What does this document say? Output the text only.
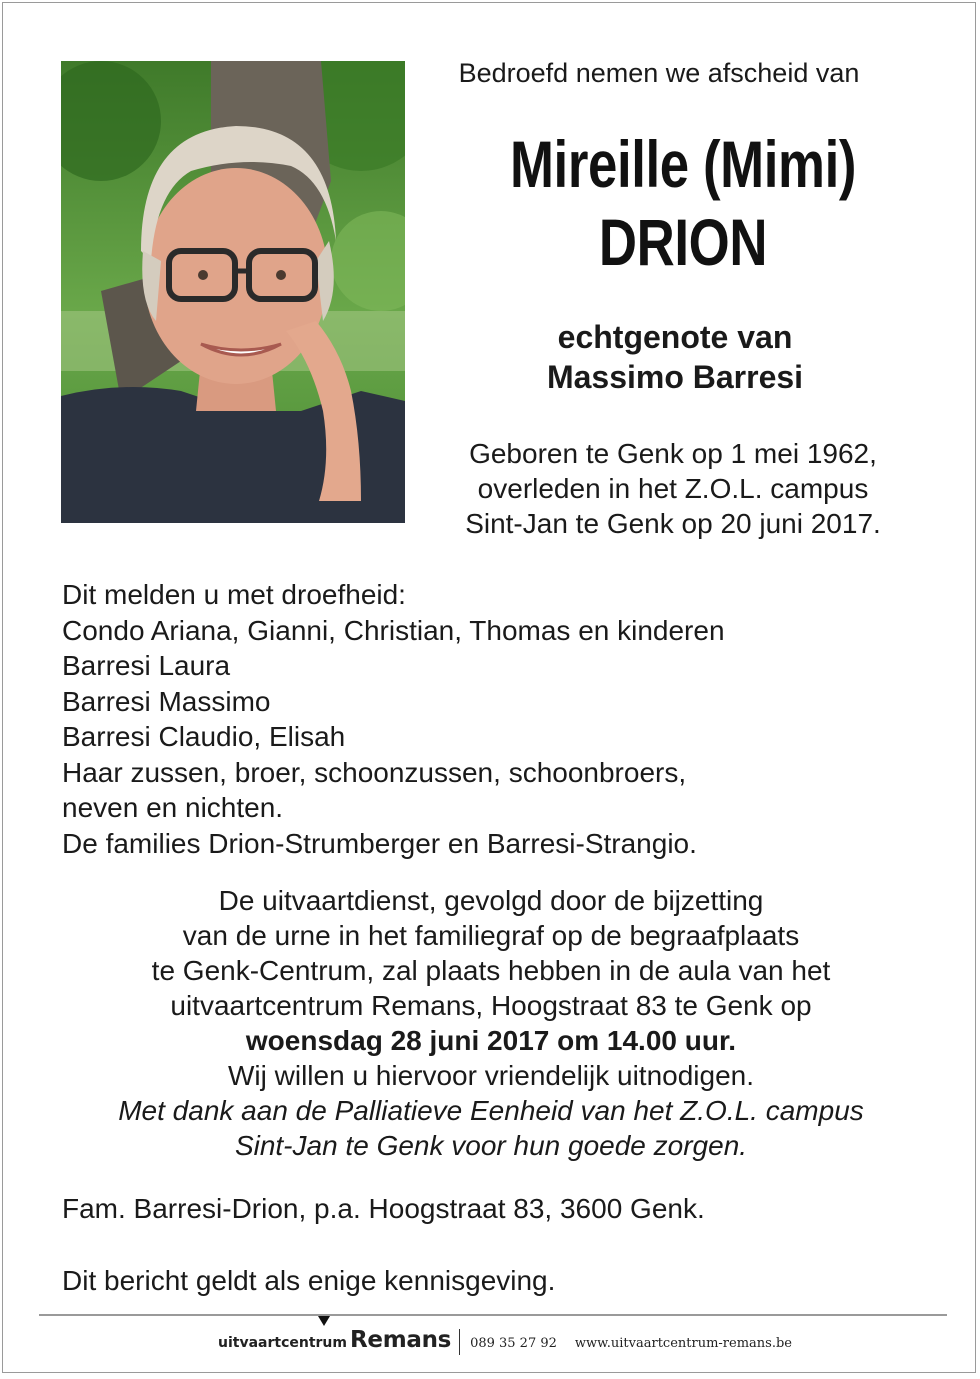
Bedroefd nemen we afscheid van
Mireille (Mimi)
DRION
echtgenote van
Massimo Barresi
Geboren te Genk op 1 mei 1962,
overleden in het Z.O.L. campus
Sint-Jan te Genk op 20 juni 2017.
Dit melden u met droefheid:
Condo Ariana, Gianni, Christian, Thomas en kinderen
Barresi Laura
Barresi Massimo
Barresi Claudio, Elisah
Haar zussen, broer, schoonzussen, schoonbroers,
neven en nichten.
De families Drion-Strumberger en Barresi-Strangio.
De uitvaartdienst, gevolgd door de bijzetting
van de urne in het familiegraf op de begraafplaats
te Genk-Centrum, zal plaats hebben in de aula van het
uitvaartcentrum Remans, Hoogstraat 83 te Genk op
woensdag 28 juni 2017 om 14.00 uur.
Wij willen u hiervoor vriendelijk uitnodigen.
Met dank aan de Palliatieve Eenheid van het Z.O.L. campus
Sint-Jan te Genk voor hun goede zorgen.
Fam. Barresi-Drion, p.a. Hoogstraat 83, 3600 Genk.
Dit bericht geldt als enige kennisgeving.
uitvaartcentrum Remans 089 35 27 92 www.uitvaartcentrum-remans.be
